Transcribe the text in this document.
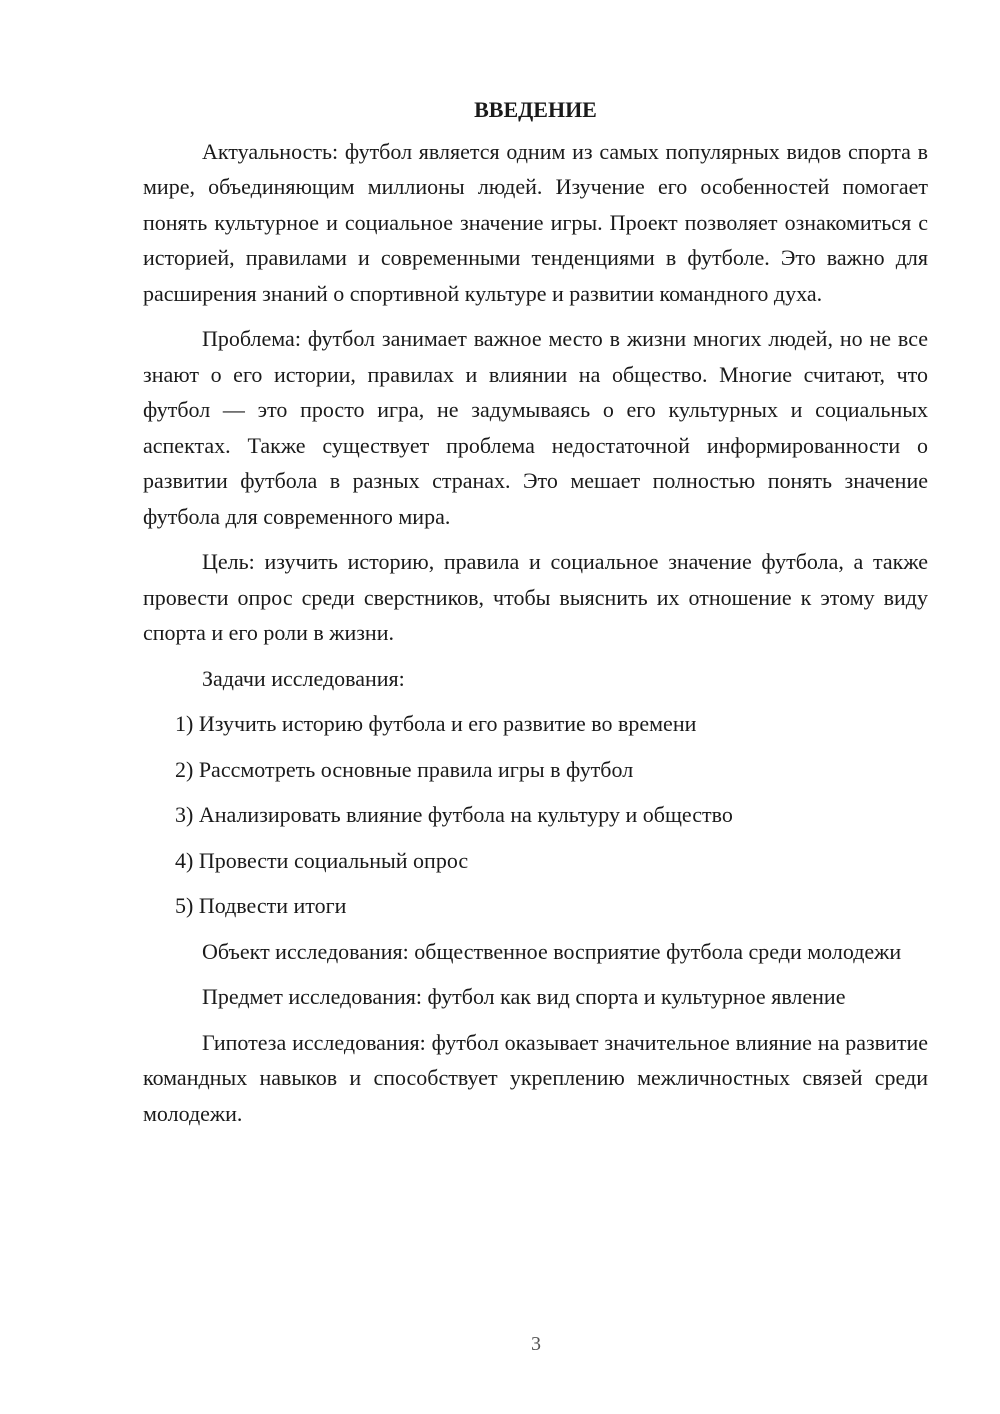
ВВЕДЕНИЕ

Актуальность: футбол является одним из самых популярных видов спорта в мире, объединяющим миллионы людей. Изучение его особенностей помогает понять культурное и социальное значение игры. Проект позволяет ознакомиться с историей, правилами и современными тенденциями в футболе. Это важно для расширения знаний о спортивной культуре и развитии командного духа.

Проблема: футбол занимает важное место в жизни многих людей, но не все знают о его истории, правилах и влиянии на общество. Многие считают, что футбол — это просто игра, не задумываясь о его культурных и социальных аспектах. Также существует проблема недостаточной информированности о развитии футбола в разных странах. Это мешает полностью понять значение футбола для современного мира.

Цель: изучить историю, правила и социальное значение футбола, а также провести опрос среди сверстников, чтобы выяснить их отношение к этому виду спорта и его роли в жизни.

Задачи исследования:

1) Изучить историю футбола и его развитие во времени

2) Рассмотреть основные правила игры в футбол

3) Анализировать влияние футбола на культуру и общество

4) Провести социальный опрос

5) Подвести итоги

Объект исследования: общественное восприятие футбола среди молодежи

Предмет исследования: футбол как вид спорта и культурное явление

Гипотеза исследования: футбол оказывает значительное влияние на развитие командных навыков и способствует укреплению межличностных связей среди молодежи.

3
